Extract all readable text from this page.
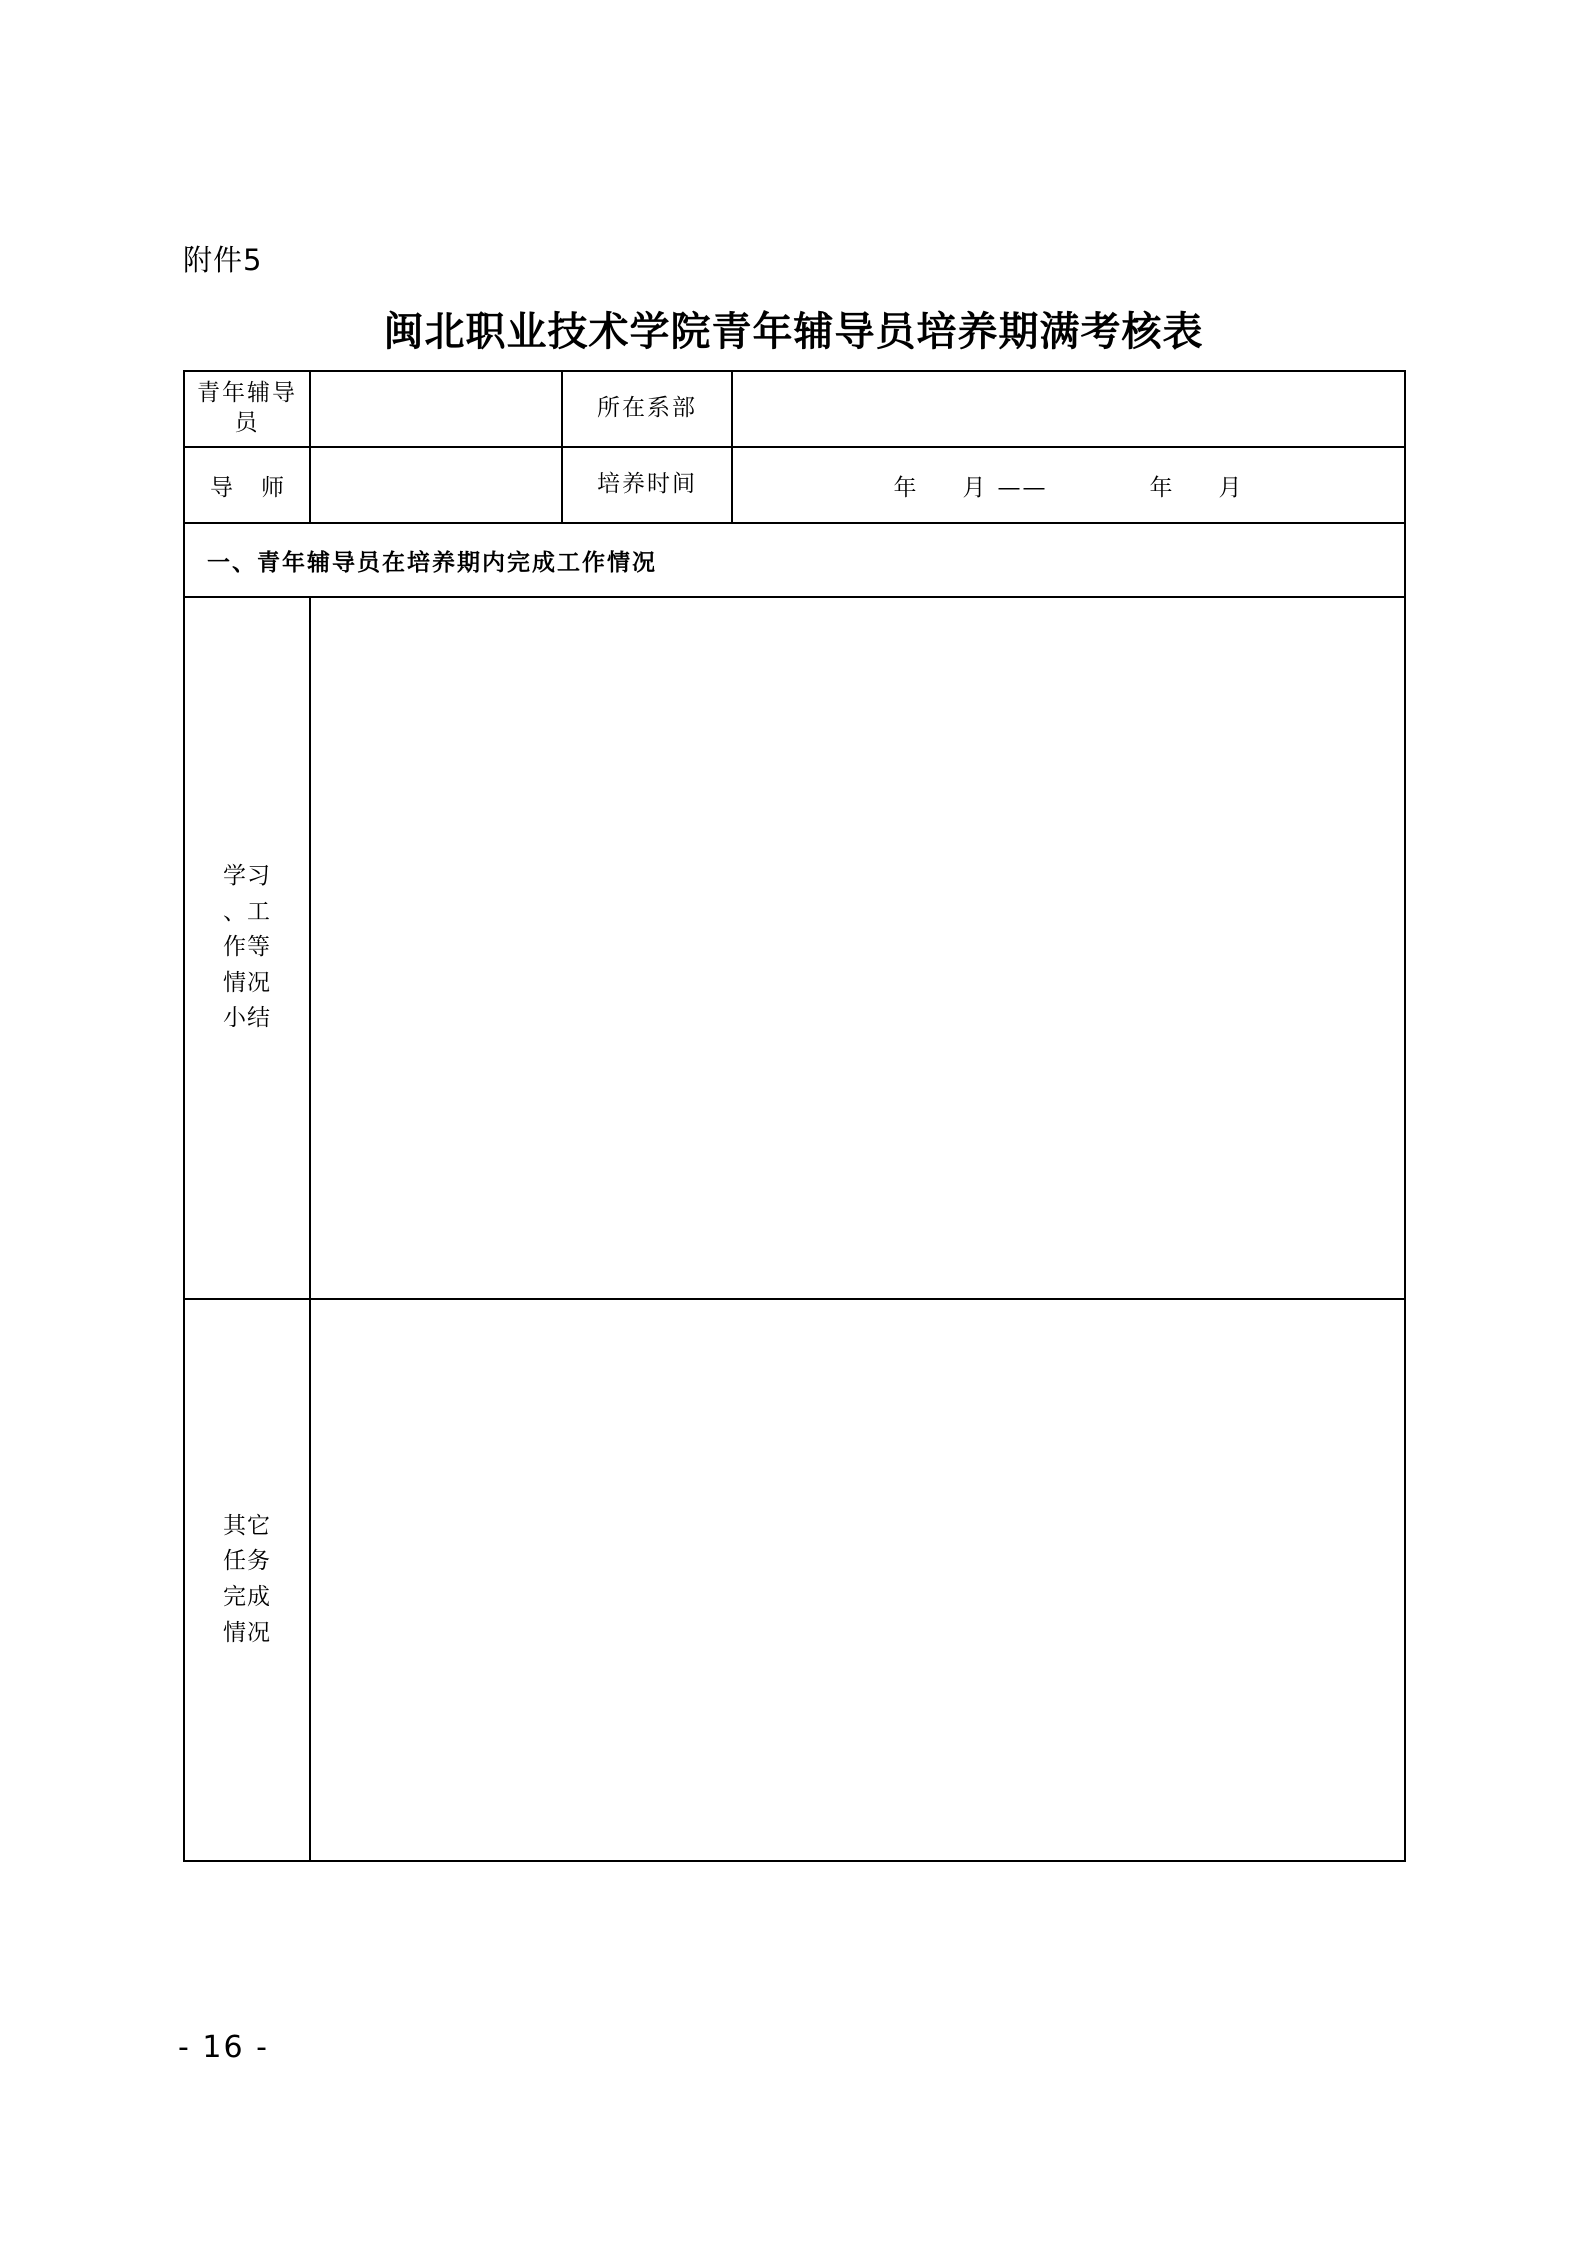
附件5
闽北职业技术学院青年辅导员培养期满考核表
青年辅导员		所在系部	
导 师		培养时间	年 月 —— 年 月
一、青年辅导员在培养期内完成工作情况			

学习
、工
作等
情况
小结			

其它
任务
完成
情况			

- 16 -
